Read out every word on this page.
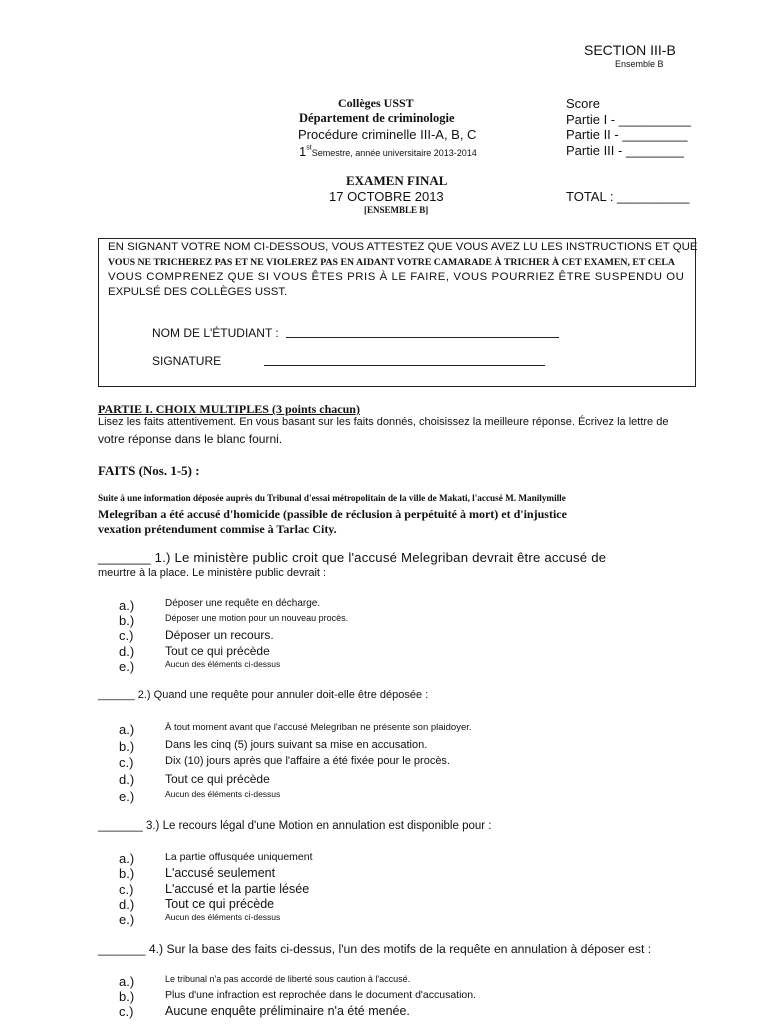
SECTION III-B
Ensemble B
Collèges USST
Département de criminologie
Procédure criminelle III-A, B, C
1stSemestre, année universitaire 2013-2014
EXAMEN FINAL
17 OCTOBRE 2013
[ENSEMBLE B]
Score
Partie I - __________
Partie II - _________
Partie III - ________
TOTAL : __________
EN SIGNANT VOTRE NOM CI-DESSOUS, VOUS ATTESTEZ QUE VOUS AVEZ LU LES INSTRUCTIONS ET QUE
VOUS NE TRICHEREZ PAS ET NE VIOLEREZ PAS EN AIDANT VOTRE CAMARADE À TRICHER À CET EXAMEN, ET CELA
VOUS COMPRENEZ QUE SI VOUS ÊTES PRIS À LE FAIRE, VOUS POURRIEZ ÊTRE SUSPENDU OU
EXPULSÉ DES COLLÈGES USST.
NOM DE L'ÉTUDIANT :
SIGNATURE
PARTIE I. CHOIX MULTIPLES (3 points chacun)
Lisez les faits attentivement. En vous basant sur les faits donnés, choisissez la meilleure réponse. Écrivez la lettre de
votre réponse dans le blanc fourni.
FAITS (Nos. 1-5) :
Suite à une information déposée auprès du Tribunal d'essai métropolitain de la ville de Makati, l'accusé M. Manilymille
Melegriban a été accusé d'homicide (passible de réclusion à perpétuité à mort) et d'injustice
vexation prétendument commise à Tarlac City.
_______ 1.) Le ministère public croit que l'accusé Melegriban devrait être accusé de
meurtre à la place. Le ministère public devrait :
a.)	Déposer une requête en décharge.
b.)	Déposer une motion pour un nouveau procès.
c.)	Déposer un recours.
d.)	Tout ce qui précède
e.)	Aucun des éléments ci-dessus
______ 2.) Quand une requête pour annuler doit-elle être déposée :
a.)	À tout moment avant que l'accusé Melegriban ne présente son plaidoyer.
b.)	Dans les cinq (5) jours suivant sa mise en accusation.
c.)	Dix (10) jours après que l'affaire a été fixée pour le procès.
d.)	Tout ce qui précède
e.)	Aucun des éléments ci-dessus
_______ 3.) Le recours légal d'une Motion en annulation est disponible pour :
a.)	La partie offusquée uniquement
b.) L'accusé seulement
c.)	L'accusé et la partie lésée
d.) Tout ce qui précède
e.)	Aucun des éléments ci-dessus
_______ 4.) Sur la base des faits ci-dessus, l'un des motifs de la requête en annulation à déposer est :
a.)	Le tribunal n'a pas accordé de liberté sous caution à l'accusé.
b.)	Plus d'une infraction est reprochée dans le document d'accusation.
c.)	Aucune enquête préliminaire n'a été menée.
